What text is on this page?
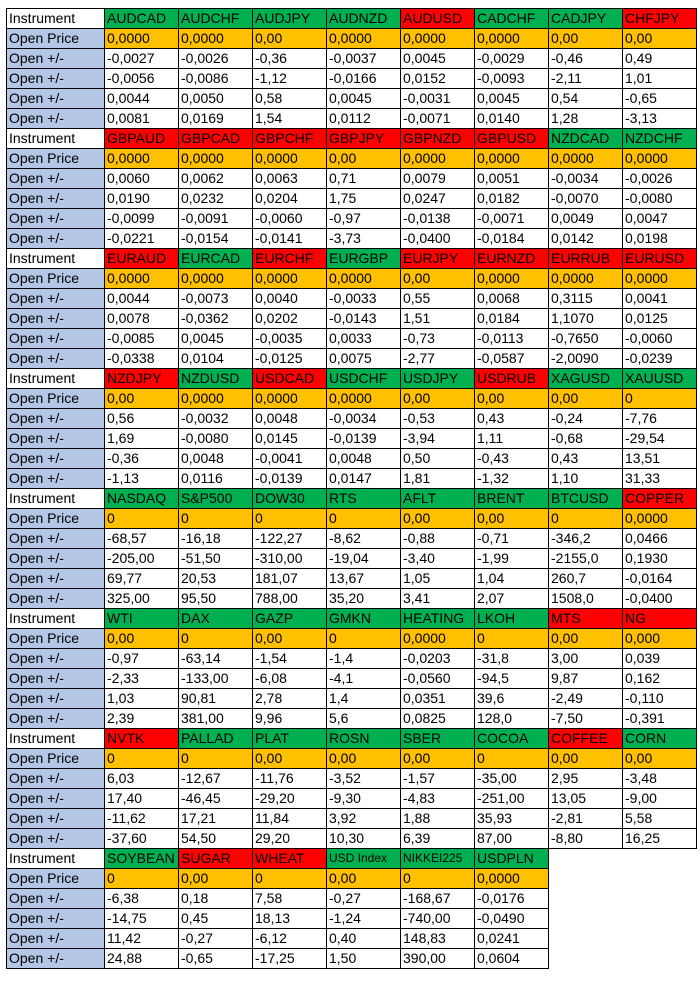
Instrument	AUDCAD	AUDCHF	AUDJPY	AUDNZD	AUDUSD	CADCHF	CADJPY	CHFJPY
Open Price	0,0000	0,0000	0,00	0,0000	0,0000	0,0000	0,00	0,00
Open +/-	-0,0027	-0,0026	-0,36	-0,0037	0,0045	-0,0029	-0,46	0,49
Open +/-	-0,0056	-0,0086	-1,12	-0,0166	0,0152	-0,0093	-2,11	1,01
Open +/-	0,0044	0,0050	0,58	0,0045	-0,0031	0,0045	0,54	-0,65
Open +/-	0,0081	0,0169	1,54	0,0112	-0,0071	0,0140	1,28	-3,13
Instrument	GBPAUD	GBPCAD	GBPCHF	GBPJPY	GBPNZD	GBPUSD	NZDCAD	NZDCHF
Open Price	0,0000	0,0000	0,0000	0,00	0,0000	0,0000	0,0000	0,0000
Open +/-	0,0060	0,0062	0,0063	0,71	0,0079	0,0051	-0,0034	-0,0026
Open +/-	0,0190	0,0232	0,0204	1,75	0,0247	0,0182	-0,0070	-0,0080
Open +/-	-0,0099	-0,0091	-0,0060	-0,97	-0,0138	-0,0071	0,0049	0,0047
Open +/-	-0,0221	-0,0154	-0,0141	-3,73	-0,0400	-0,0184	0,0142	0,0198
Instrument	EURAUD	EURCAD	EURCHF	EURGBP	EURJPY	EURNZD	EURRUB	EURUSD
Open Price	0,0000	0,0000	0,0000	0,0000	0,00	0,0000	0,0000	0,0000
Open +/-	0,0044	-0,0073	0,0040	-0,0033	0,55	0,0068	0,3115	0,0041
Open +/-	0,0078	-0,0362	0,0202	-0,0143	1,51	0,0184	1,1070	0,0125
Open +/-	-0,0085	0,0045	-0,0035	0,0033	-0,73	-0,0113	-0,7650	-0,0060
Open +/-	-0,0338	0,0104	-0,0125	0,0075	-2,77	-0,0587	-2,0090	-0,0239
Instrument	NZDJPY	NZDUSD	USDCAD	USDCHF	USDJPY	USDRUB	XAGUSD	XAUUSD
Open Price	0,00	0,0000	0,0000	0,0000	0,00	0,00	0,00	0
Open +/-	0,56	-0,0032	0,0048	-0,0034	-0,53	0,43	-0,24	-7,76
Open +/-	1,69	-0,0080	0,0145	-0,0139	-3,94	1,11	-0,68	-29,54
Open +/-	-0,36	0,0048	-0,0041	0,0048	0,50	-0,43	0,43	13,51
Open +/-	-1,13	0,0116	-0,0139	0,0147	1,81	-1,32	1,10	31,33
Instrument	NASDAQ	S&P500	DOW30	RTS	AFLT	BRENT	BTCUSD	COPPER
Open Price	0	0	0	0	0,00	0,00	0	0,0000
Open +/-	-68,57	-16,18	-122,27	-8,62	-0,88	-0,71	-346,2	0,0466
Open +/-	-205,00	-51,50	-310,00	-19,04	-3,40	-1,99	-2155,0	0,1930
Open +/-	69,77	20,53	181,07	13,67	1,05	1,04	260,7	-0,0164
Open +/-	325,00	95,50	788,00	35,20	3,41	2,07	1508,0	-0,0400
Instrument	WTI	DAX	GAZP	GMKN	HEATING	LKOH	MTS	NG
Open Price	0,00	0	0,00	0	0,0000	0	0,00	0,000
Open +/-	-0,97	-63,14	-1,54	-1,4	-0,0203	-31,8	3,00	0,039
Open +/-	-2,33	-133,00	-6,08	-4,1	-0,0560	-94,5	9,87	0,162
Open +/-	1,03	90,81	2,78	1,4	0,0351	39,6	-2,49	-0,110
Open +/-	2,39	381,00	9,96	5,6	0,0825	128,0	-7,50	-0,391
Instrument	NVTK	PALLAD	PLAT	ROSN	SBER	COCOA	COFFEE	CORN
Open Price	0	0	0,00	0,00	0,00	0	0,00	0,00
Open +/-	6,03	-12,67	-11,76	-3,52	-1,57	-35,00	2,95	-3,48
Open +/-	17,40	-46,45	-29,20	-9,30	-4,83	-251,00	13,05	-9,00
Open +/-	-11,62	17,21	11,84	3,92	1,88	35,93	-2,81	5,58
Open +/-	-37,60	54,50	29,20	10,30	6,39	87,00	-8,80	16,25
Instrument	SOYBEAN	SUGAR	WHEAT	USD Index	NIKKEI225	USDPLN		
Open Price	0	0,00	0	0,00	0	0,0000		
Open +/-	-6,38	0,18	7,58	-0,27	-168,67	-0,0176		
Open +/-	-14,75	0,45	18,13	-1,24	-740,00	-0,0490		
Open +/-	11,42	-0,27	-6,12	0,40	148,83	0,0241		
Open +/-	24,88	-0,65	-17,25	1,50	390,00	0,0604		
